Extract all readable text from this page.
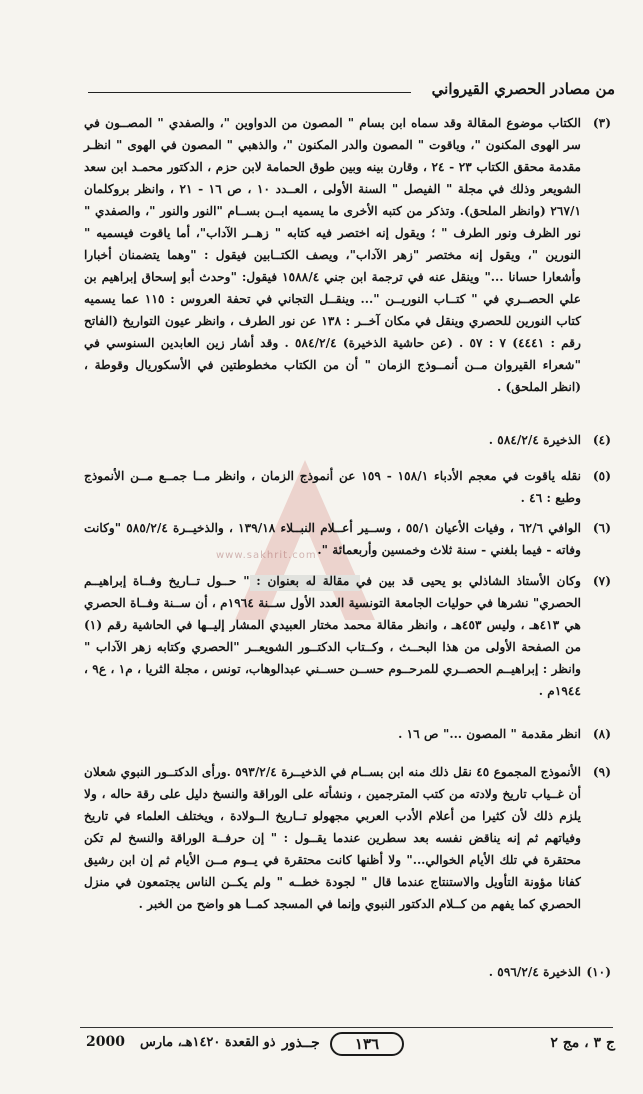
من مصادر الحصري القيرواني
www.sakhrit.com
(٣)

الكتاب موضوع المقالة وقد سماه ابن بسام " المصون من الدواوين "، والصفدي " المصــون في سر الهوى المكنون "، وياقوت " المصون والدر المكنون "، والذهبي " المصون في الهوى " انظـر مقدمة محقق الكتاب ٢٣ - ٢٤ ، وقارن بينه وبين طوق الحمامة لابن حزم ، الدكتور محمـد ابن سعد الشويعر وذلك في مجلة " الفيصل " السنة الأولى ، العــدد ١٠ ، ص ١٦ - ٢١ ، وانظر بروكلمان ٢٦٧/١ (وانظر الملحق). وتذكر من كتبه الأخرى ما يسميه ابــن بســام "النور والنور "، والصفدي " نور الظرف ونور الطرف " ؛ ويقول إنه اختصر فيه كتابه " زهــر الآداب"، أما ياقوت فيسميه " النورين "، ويقول إنه مختصر "زهر الآداب"، ويصف الكتــابين فيقول : "وهما يتضمنان أخبارا وأشعارا حسانا ..." وينقل عنه في ترجمة ابن جني ١٥٨٨/٤ فيقول: "وحدث أبو إسحاق إبراهيم بن علي الحصــري في " كتــاب النوريــن "... وينقــل التجاني في تحفة العروس : ١١٥ عما يسميه كتاب النورين للحصري وينقل في مكان آخــر : ١٣٨ عن نور الطرف ، وانظر عيون التواريخ (الفاتح رقم : ٤٤٤١) ٧ : ٥٧ . (عن حاشية الذخيرة) ٥٨٤/٢/٤ . وقد أشار زين العابدين السنوسي في "شعراء القيروان مــن أنمــوذج الزمان " أن من الكتاب مخطوطتين في الأسكوريال وقوطة ، (انظر الملحق) .

(٤)

الذخيرة ٥٨٤/٢/٤ .

(٥)

نقله ياقوت في معجم الأدباء ١٥٨/١ - ١٥٩ عن أنموذج الزمان ، وانظر مــا جمــع مــن الأنموذج وطبع : ٤٦ .

(٦)

الوافي ٦٢/٦ ، وفيات الأعيان ٥٥/١ ، وســير أعــلام النبــلاء ١٣٩/١٨ ، والذخيــرة ٥٨٥/٢/٤ "وكانت وفاته - فيما بلغني - سنة ثلاث وخمسين وأربعمائة ".

(٧)

وكان الأستاذ الشاذلي بو يحيى قد بين في مقالة له بعنوان : " حــول تــاريخ وفــاة إبراهيــم الحصري" نشرها في حوليات الجامعة التونسية العدد الأول ســنة ١٩٦٤م ، أن ســنة وفــاة الحصري هي ٤١٣هـ ، وليس ٤٥٣هـ ، وانظر مقالة محمد مختار العبيدي المشار إليــها في الحاشية رقم (١) من الصفحة الأولى من هذا البحــث ، وكــتاب الدكتــور الشويعــر "الحصري وكتابه زهر الآداب " وانظر : إبراهيــم الحصــري للمرحــوم حســن حســني عبدالوهاب، تونس ، مجلة الثريا ، م١ ، ع٩ ، ١٩٤٤م .

(٨)

انظر مقدمة " المصون ..." ص ١٦ .

(٩)

الأنموذج المجموع ٤٥ نقل ذلك منه ابن بســام في الذخيــرة ٥٩٣/٢/٤ .ورأى الدكتــور النبوي شعلان أن غــياب تاريخ ولادته من كتب المترجمين ، ونشأته على الوراقة والنسخ دليل على رقة حاله ، ولا يلزم ذلك لأن كثيرا من أعلام الأدب العربي مجهولو تــاريخ الــولادة ، ويختلف العلماء في تاريخ وفياتهم ثم إنه يناقض نفسه بعد سطرين عندما يقــول : " إن حرفــة الوراقة والنسخ لم تكن محتقرة في تلك الأيام الخوالي..." ولا أظنها كانت محتقرة في يــوم مــن الأيام ثم إن ابن رشيق كفانا مؤونة التأويل والاستنتاج عندما قال " لجودة خطــه " ولم يكــن الناس يجتمعون في منزل الحصري كما يفهم من كــلام الدكتور النبوي وإنما في المسجد كمــا هو واضح من الخبر .

(١٠)

الذخيرة ٥٩٦/٢/٤ .

ج ٣ ، مج ٢
جــذور	١٣٦
ذو القعدة ١٤٢٠هـ، مارس
2000
